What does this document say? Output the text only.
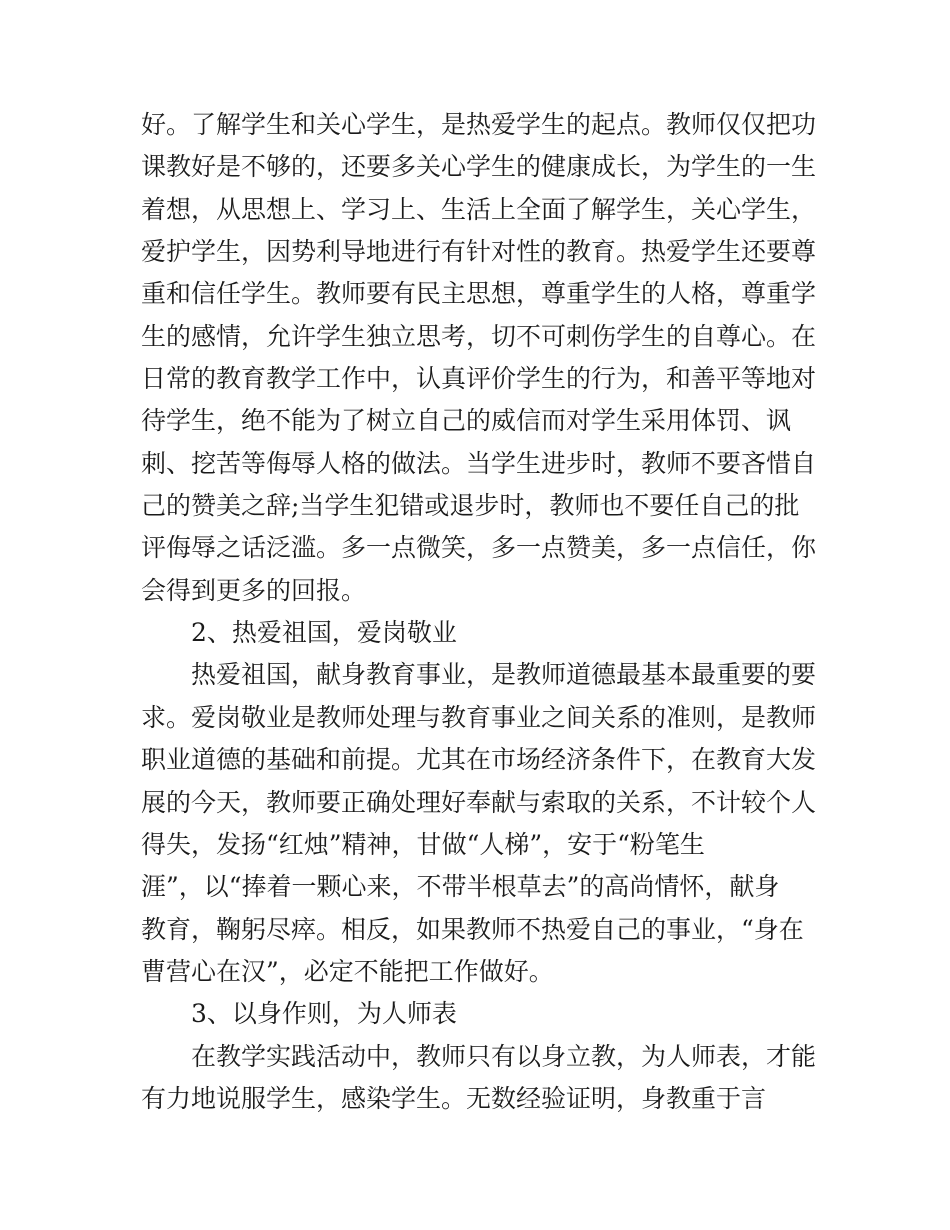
好。了解学生和关心学生，是热爱学生的起点。教师仅仅把功
课教好是不够的，还要多关心学生的健康成长，为学生的一生
着想，从思想上、学习上、生活上全面了解学生，关心学生，
爱护学生，因势利导地进行有针对性的教育。热爱学生还要尊
重和信任学生。教师要有民主思想，尊重学生的人格，尊重学
生的感情，允许学生独立思考，切不可刺伤学生的自尊心。在
日常的教育教学工作中，认真评价学生的行为，和善平等地对
待学生，绝不能为了树立自己的威信而对学生采用体罚、讽
刺、挖苦等侮辱人格的做法。当学生进步时，教师不要吝惜自
己的赞美之辞;当学生犯错或退步时，教师也不要任自己的批
评侮辱之话泛滥。多一点微笑，多一点赞美，多一点信任，你
会得到更多的回报。
2、热爱祖国，爱岗敬业
热爱祖国，献身教育事业，是教师道德最基本最重要的要
求。爱岗敬业是教师处理与教育事业之间关系的准则，是教师
职业道德的基础和前提。尤其在市场经济条件下，在教育大发
展的今天，教师要正确处理好奉献与索取的关系，不计较个人
得失，发扬“红烛”精神，甘做“人梯”，安于“粉笔生
涯”，以“捧着一颗心来，不带半根草去”的高尚情怀，献身
教育，鞠躬尽瘁。相反，如果教师不热爱自己的事业，“身在
曹营心在汉”，必定不能把工作做好。
3、以身作则，为人师表
在教学实践活动中，教师只有以身立教，为人师表，才能
有力地说服学生，感染学生。无数经验证明，身教重于言
